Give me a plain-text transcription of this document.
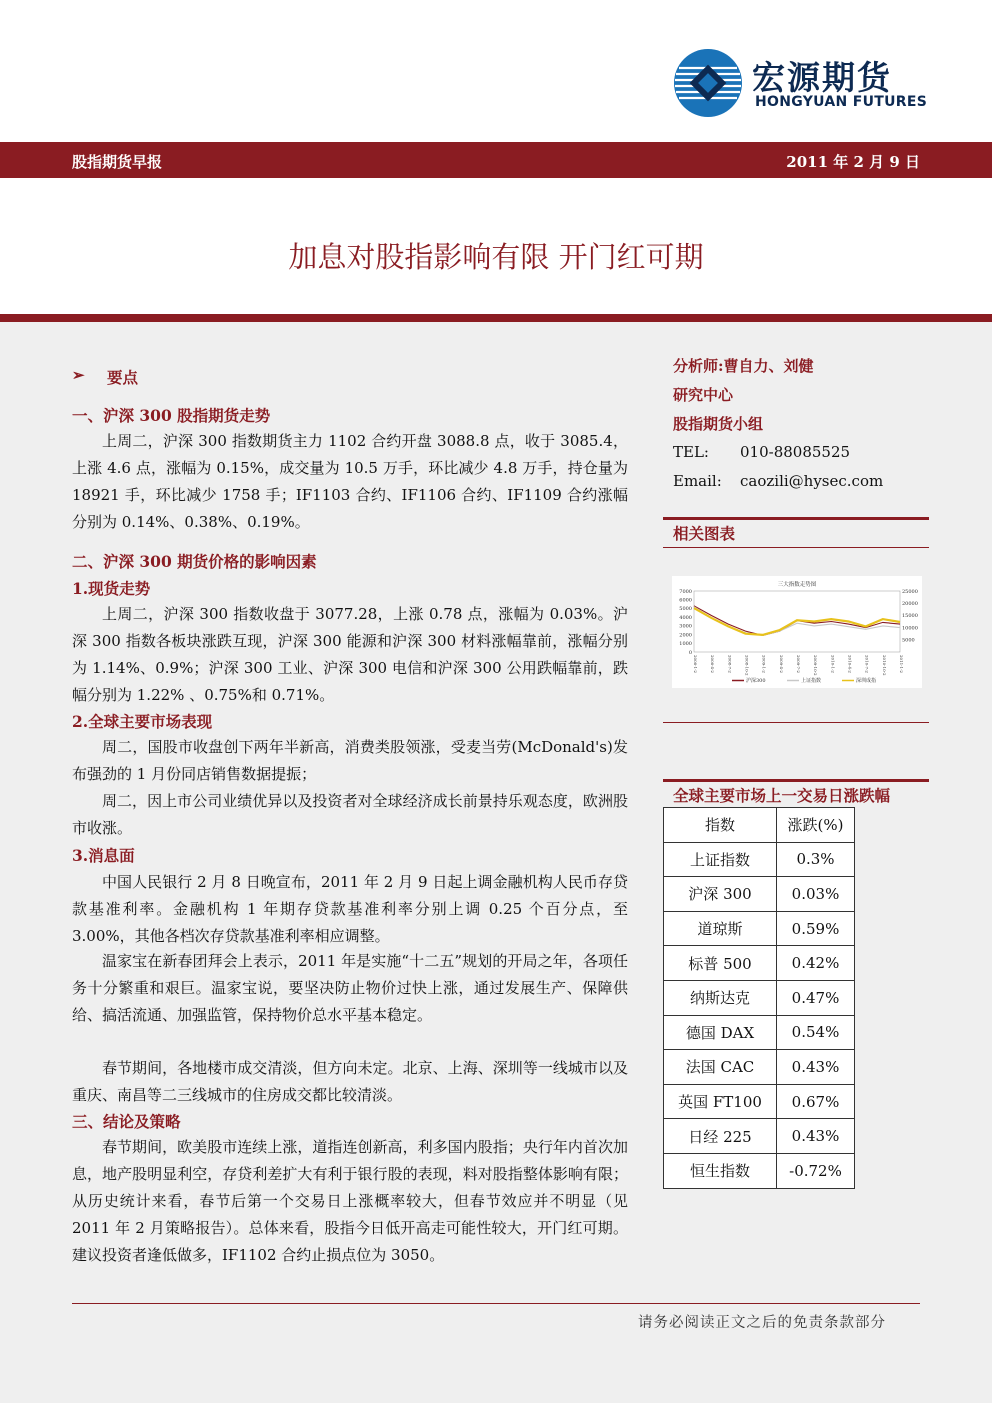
宏源期货
HONGYUAN FUTURES
股指期货早报	2011 年 2 月 9 日
加息对股指影响有限 开门红可期
➢ 要点
一、沪深 300 股指期货走势
上周二，沪深 300 指数期货主力 1102 合约开盘 3088.8 点，收于 3085.4，上涨 4.6 点，涨幅为 0.15%，成交量为 10.5 万手，环比减少 4.8 万手，持仓量为 18921 手，环比减少 1758 手；IF1103 合约、IF1106 合约、IF1109 合约涨幅分别为 0.14%、0.38%、0.19%。
二、沪深 300 期货价格的影响因素
1.现货走势
上周二，沪深 300 指数收盘于 3077.28，上涨 0.78 点，涨幅为 0.03%。沪深 300 指数各板块涨跌互现，沪深 300 能源和沪深 300 材料涨幅靠前，涨幅分别为 1.14%、0.9%；沪深 300 工业、沪深 300 电信和沪深 300 公用跌幅靠前，跌幅分别为 1.22% 、0.75%和 0.71%。
2.全球主要市场表现
周二，国股市收盘创下两年半新高，消费类股领涨，受麦当劳(McDonald's)发布强劲的 1 月份同店销售数据提振；
周二，因上市公司业绩优异以及投资者对全球经济成长前景持乐观态度，欧洲股市收涨。
3.消息面
中国人民银行 2 月 8 日晚宣布，2011 年 2 月 9 日起上调金融机构人民币存贷款基准利率。金融机构 1 年期存贷款基准利率分别上调 0.25 个百分点，至 3.00%，其他各档次存贷款基准利率相应调整。
温家宝在新春团拜会上表示，2011 年是实施“十二五”规划的开局之年，各项任务十分繁重和艰巨。温家宝说，要坚决防止物价过快上涨，通过发展生产、保障供给、搞活流通、加强监管，保持物价总水平基本稳定。
春节期间，各地楼市成交清淡，但方向未定。北京、上海、深圳等一线城市以及重庆、南昌等二三线城市的住房成交都比较清淡。
三、结论及策略
春节期间，欧美股市连续上涨，道指连创新高，利多国内股指；央行年内首次加息，地产股明显利空，存贷利差扩大有利于银行股的表现，料对股指整体影响有限；从历史统计来看，春节后第一个交易日上涨概率较大，但春节效应并不明显（见 2011 年 2 月策略报告）。总体来看，股指今日低开高走可能性较大，开门红可期。建议投资者逢低做多，IF1102 合约止损点位为 3050。
分析师:曹自力、刘健
研究中心
股指期货小组
TEL: 010-88085525
Email: caozili@hysec.com
相关图表
三大指数走势图
7000
6000
5000
4000
3000
2000
1000
0
25000
20000
15000
10000
5000
2008-1-2	2008-4-2	2008-7-2	2008-10-2	2009-1-2	2009-4-2	2009-7-2	2009-10-2	2010-1-2	2010-4-2	2010-7-2	2010-10-2	2011-1-2
沪深300	上证指数	深圳成指
全球主要市场上一交易日涨跌幅
指数	涨跌(%)
上证指数	0.3%
沪深 300	0.03%
道琼斯	0.59%
标普 500	0.42%
纳斯达克	0.47%
德国 DAX	0.54%
法国 CAC	0.43%
英国 FT100	0.67%
日经 225	0.43%
恒生指数	-0.72%
请务必阅读正文之后的免责条款部分
